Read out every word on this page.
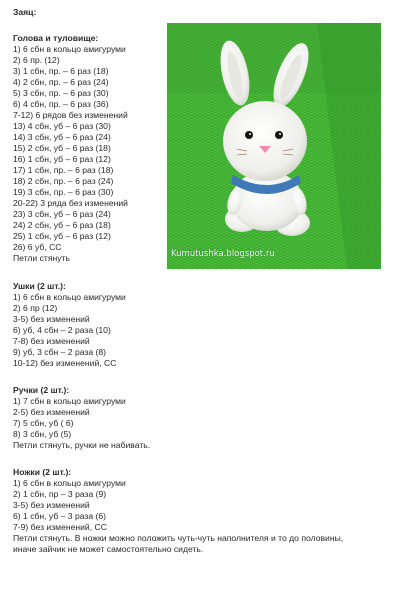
Заяц:
Голова и туловище:
1) 6 сбн в кольцо амигуруми
2) 6 пр. (12)
3) 1 сбн, пр. – 6 раз (18)
4) 2 сбн, пр. – 6 раз (24)
5) 3 сбн, пр. – 6 раз (30)
6) 4 сбн, пр. – 6 раз (36)
7-12) 6 рядов без изменений
13) 4 сбн, уб – 6 раз (30)
14) 3 сбн, уб – 6 раз (24)
15) 2 сбн, уб – 6 раз (18)
16) 1 сбн, уб – 6 раз (12)
17) 1 сбн, пр. – 6 раз (18)
18) 2 сбн, пр. – 6 раз (24)
19) 3 сбн, пр. – 6 раз (30)
20-22) 3 ряда без изменений
23) 3 сбн, уб – 6 раз (24)
24) 2 сбн, уб – 6 раз (18)
25) 1 сбн, уб – 6 раз (12)
26) 6 уб, СС
Петли стянуть
Ушки (2 шт.):
1) 6 сбн в кольцо амигуруми
2) 6 пр (12)
3-5) без изменений
6) уб, 4 сбн – 2 раза (10)
7-8) без изменений
9) уб, 3 сбн – 2 раза (8)
10-12) без изменений, СС
Ручки (2 шт.):
1) 7 сбн в кольцо амигуруми
2-5) без изменений
7) 5 сбн, уб ( 6)
8) 3 сбн, уб (5)
Петли стянуть, ручки не набивать.
Ножки (2 шт.):
1) 6 сбн в кольцо амигуруми
2) 1 сбн, пр – 3 раза (9)
3-5) без изменений
6) 1 сбн, уб – 3 раза (6)
7-9) без изменений, СС
Петли стянуть. В ножки можно положить чуть-чуть наполнителя и то до половины,
иначе зайчик не может самостоятельно сидеть.
Kumutushka.blogspot.ru
